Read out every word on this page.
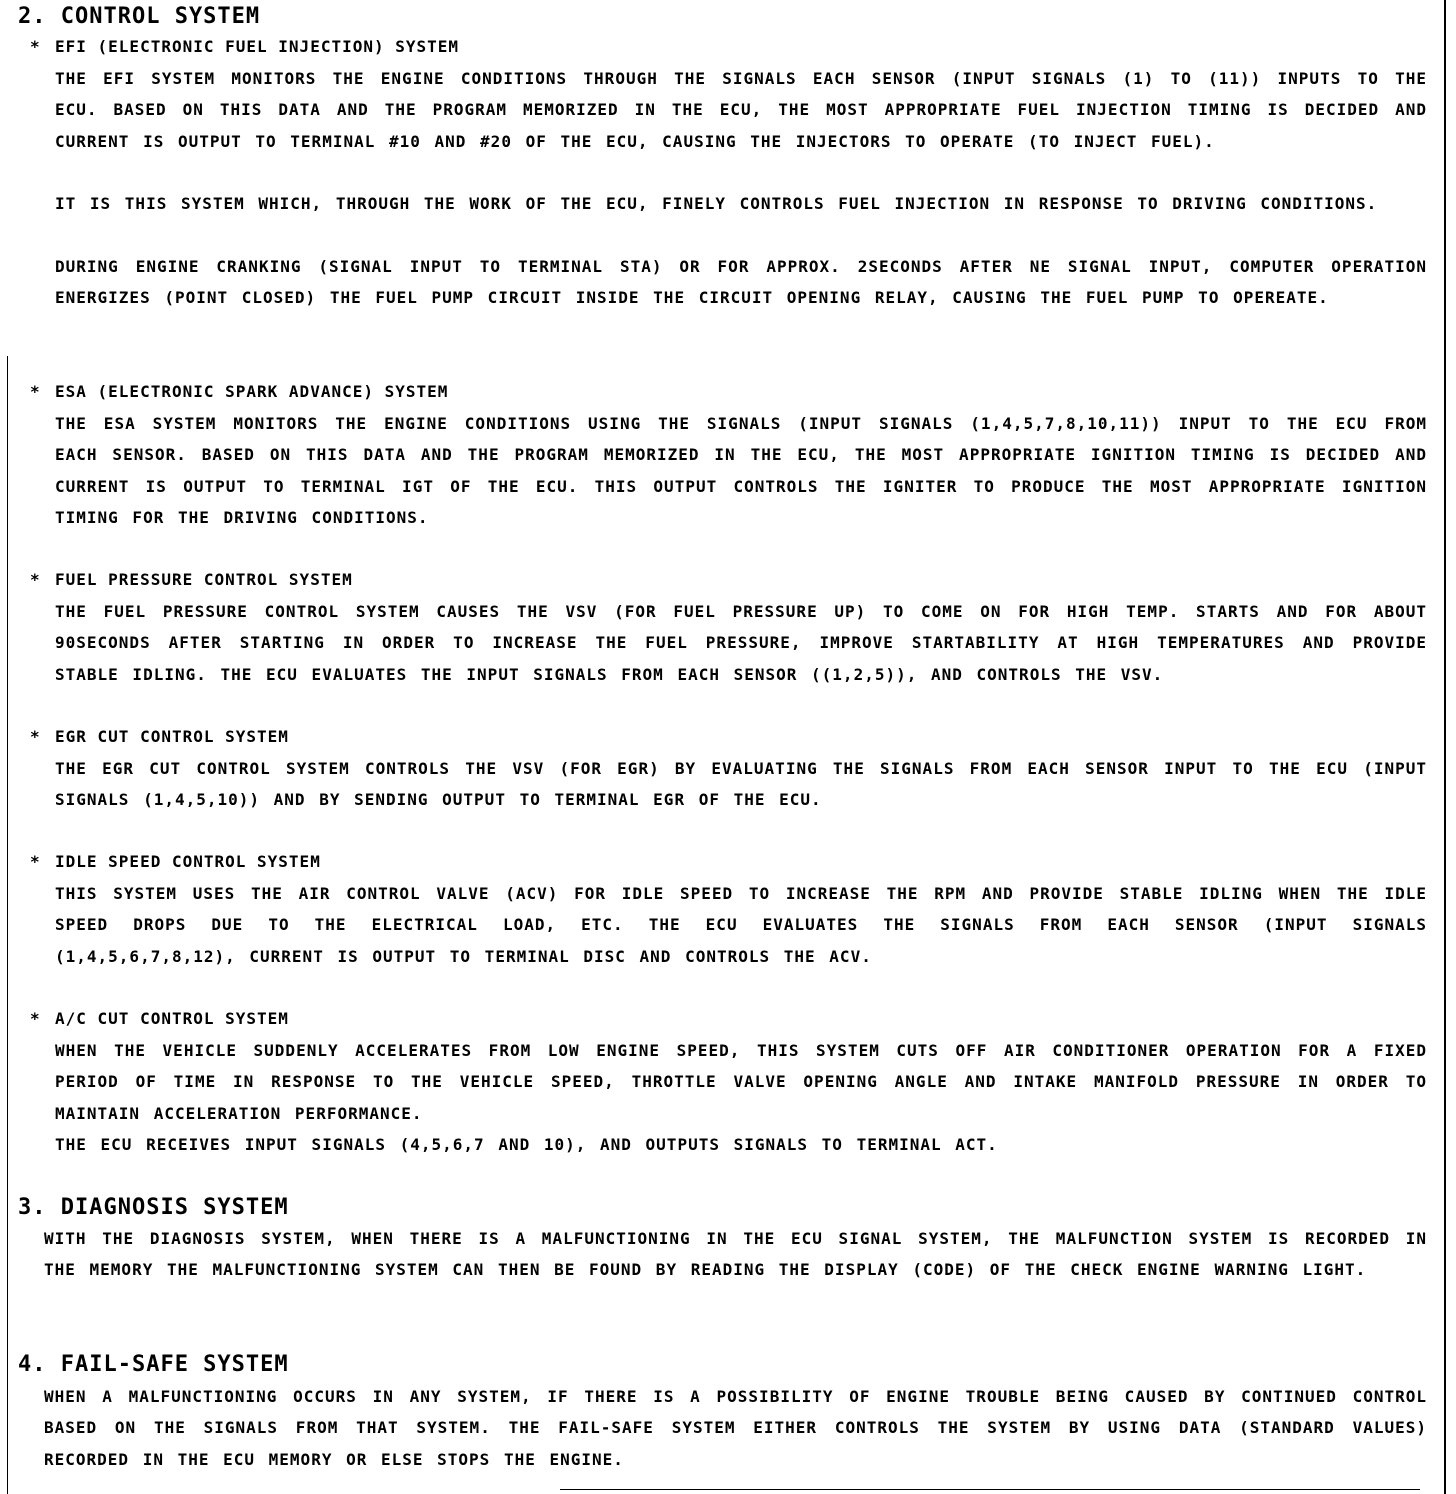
2. CONTROL SYSTEM
* EFI (ELECTRONIC FUEL INJECTION) SYSTEM

THE EFI SYSTEM MONITORS THE ENGINE CONDITIONS THROUGH THE SIGNALS EACH SENSOR (INPUT SIGNALS (1) TO (11)) INPUTS TO THE ECU. BASED ON THIS DATA AND THE PROGRAM MEMORIZED IN THE ECU, THE MOST APPROPRIATE FUEL INJECTION TIMING IS DECIDED AND CURRENT IS OUTPUT TO TERMINAL #10 AND #20 OF THE ECU, CAUSING THE INJECTORS TO OPERATE (TO INJECT FUEL).

IT IS THIS SYSTEM WHICH, THROUGH THE WORK OF THE ECU, FINELY CONTROLS FUEL INJECTION IN RESPONSE TO DRIVING CONDITIONS.

DURING ENGINE CRANKING (SIGNAL INPUT TO TERMINAL STA) OR FOR APPROX. 2SECONDS AFTER NE SIGNAL INPUT, COMPUTER OPERATION ENERGIZES (POINT CLOSED) THE FUEL PUMP CIRCUIT INSIDE THE CIRCUIT OPENING RELAY, CAUSING THE FUEL PUMP TO OPEREATE.

* ESA (ELECTRONIC SPARK ADVANCE) SYSTEM

THE ESA SYSTEM MONITORS THE ENGINE CONDITIONS USING THE SIGNALS (INPUT SIGNALS (1,4,5,7,8,10,11)) INPUT TO THE ECU FROM EACH SENSOR. BASED ON THIS DATA AND THE PROGRAM MEMORIZED IN THE ECU, THE MOST APPROPRIATE IGNITION TIMING IS DECIDED AND CURRENT IS OUTPUT TO TERMINAL IGT OF THE ECU. THIS OUTPUT CONTROLS THE IGNITER TO PRODUCE THE MOST APPROPRIATE IGNITION TIMING FOR THE DRIVING CONDITIONS.

* FUEL PRESSURE CONTROL SYSTEM

THE FUEL PRESSURE CONTROL SYSTEM CAUSES THE VSV (FOR FUEL PRESSURE UP) TO COME ON FOR HIGH TEMP. STARTS AND FOR ABOUT 90SECONDS AFTER STARTING IN ORDER TO INCREASE THE FUEL PRESSURE, IMPROVE STARTABILITY AT HIGH TEMPERATURES AND PROVIDE STABLE IDLING. THE ECU EVALUATES THE INPUT SIGNALS FROM EACH SENSOR ((1,2,5)), AND CONTROLS THE VSV.

* EGR CUT CONTROL SYSTEM

THE EGR CUT CONTROL SYSTEM CONTROLS THE VSV (FOR EGR) BY EVALUATING THE SIGNALS FROM EACH SENSOR INPUT TO THE ECU (INPUT SIGNALS (1,4,5,10)) AND BY SENDING OUTPUT TO TERMINAL EGR OF THE ECU.

* IDLE SPEED CONTROL SYSTEM

THIS SYSTEM USES THE AIR CONTROL VALVE (ACV) FOR IDLE SPEED TO INCREASE THE RPM AND PROVIDE STABLE IDLING WHEN THE IDLE SPEED DROPS DUE TO THE ELECTRICAL LOAD, ETC. THE ECU EVALUATES THE SIGNALS FROM EACH SENSOR (INPUT SIGNALS (1,4,5,6,7,8,12), CURRENT IS OUTPUT TO TERMINAL DISC AND CONTROLS THE ACV.

* A/C CUT CONTROL SYSTEM

WHEN THE VEHICLE SUDDENLY ACCELERATES FROM LOW ENGINE SPEED, THIS SYSTEM CUTS OFF AIR CONDITIONER OPERATION FOR A FIXED PERIOD OF TIME IN RESPONSE TO THE VEHICLE SPEED, THROTTLE VALVE OPENING ANGLE AND INTAKE MANIFOLD PRESSURE IN ORDER TO MAINTAIN ACCELERATION PERFORMANCE.

THE ECU RECEIVES INPUT SIGNALS (4,5,6,7 AND 10), AND OUTPUTS SIGNALS TO TERMINAL ACT.

3. DIAGNOSIS SYSTEM

WITH THE DIAGNOSIS SYSTEM, WHEN THERE IS A MALFUNCTIONING IN THE ECU SIGNAL SYSTEM, THE MALFUNCTION SYSTEM IS RECORDED IN THE MEMORY THE MALFUNCTIONING SYSTEM CAN THEN BE FOUND BY READING THE DISPLAY (CODE) OF THE CHECK ENGINE WARNING LIGHT.

4. FAIL-SAFE SYSTEM

WHEN A MALFUNCTIONING OCCURS IN ANY SYSTEM, IF THERE IS A POSSIBILITY OF ENGINE TROUBLE BEING CAUSED BY CONTINUED CONTROL BASED ON THE SIGNALS FROM THAT SYSTEM. THE FAIL-SAFE SYSTEM EITHER CONTROLS THE SYSTEM BY USING DATA (STANDARD VALUES) RECORDED IN THE ECU MEMORY OR ELSE STOPS THE ENGINE.
